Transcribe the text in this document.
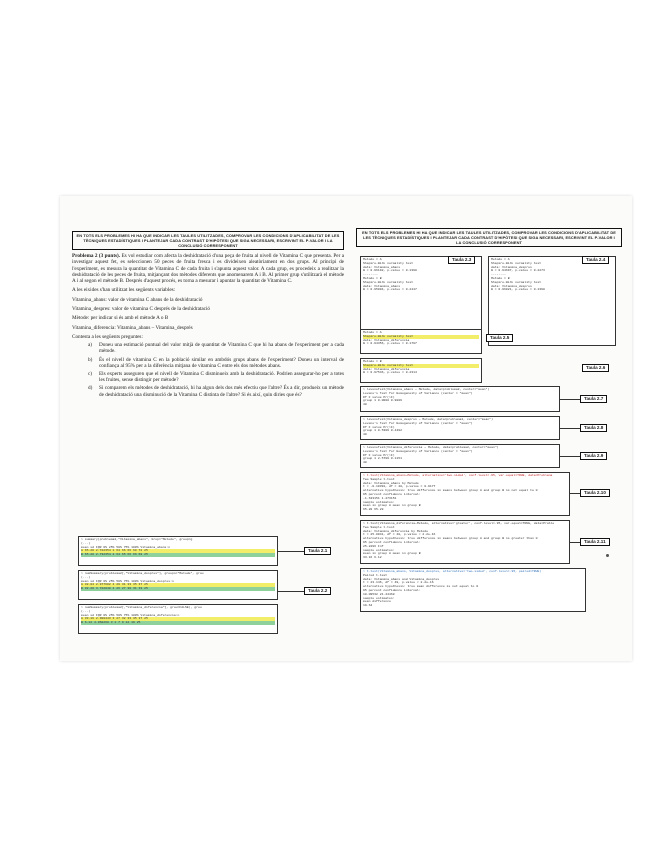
EN TOTS ELS PROBLEMES HI HA QUE INDICAR LES TAULES UTILITZADES, COMPROVAR LES CONDICIONS D'APLICABILITAT DE LES TÈCNIQUES ESTADÍSTIQUES I PLANTEJAR CADA CONTRAST D'HIPÒTESI QUE SIGA NECESSARI, ESCRIVINT EL P-VALOR I LA CONCLUSIÓ CORRESPONENT

Problema 2 (3 punts). Es vol estudiar com afecta la deshidratació d'una peça de fruita al nivell de Vitamina C que presenta. Per a investigar aquest fet, es seleccionen 50 peces de fruita fresca i es divideixen aleatòriament en dos grups. Al principi de l'experiment, es mesura la quantitat de Vitamina C de cada fruita i s'apunta aquest valor. A cada grup, es procedeix a realitzar la deshidratació de les peces de fruita, mitjançant dos mètodes diferents que anomenarem A i B. Al primer grup s'utilitzarà el mètode A i al segon el mètode B. Després d'aquest procés, es torna a mesurar i apuntar la quantitat de Vitamina C.

A les eixides s'han utilitzat les següents variables:

Vitamina_abans: valor de vitamina C abans de la deshidratació

Vitamina_despres: valor de vitamina C després de la deshidratació

Mètode: per indicar si és amb el mètode A o B

Vitamina_diferencia: Vitamina_abans – Vitamina_després

Contesta a les següents preguntes:

a) Doneu una estimació puntual del valor mitjà de quantitat de Vitamina C que hi ha abans de l'experiment per a cada mètode.
b) És el nivell de vitamina C en la població similar en ambdós grups abans de l'experiment? Doneu un interval de confiança al 95% per a la diferència mitjana de vitamina C entre els dos mètodes abans.
c) Els experts asseguren que el nivell de Vitamina C disminueix amb la deshidratació. Podrien assegurar-ho per a totes les fruites, sense distingir per mètode?
d) Si comparem els mètodes de deshidratació, hi ha algun dels dos més efectiu que l'altre? És a dir, produeix un mètode de deshidratació una disminució de la Vitamina C distinta de l'altre? Si és així, quin diries que és?
> summary(problema2,"Vitamina_abans", Grup="Metode", group=g
(...)
mean sd IQR 0% 25% 50% 75% 100% Vitamina_abans:n
A 65.20 2.722354 1 64 66 66 68 72 25
B 65.28 2.732354 2 64 65 66 66 69 25
Taula 2.1
> numSummary(problema2[,"Vitamina_despres"], groups="Metode", grou
(...)
mean sd IQR 0% 25% 50% 75% 100% Vitamina_despres:n
A 32.04 2.977602 4 29 31 33 35 37 25
B 32.20 3.722848 4 26 27 30 31 33 25
> numSummary(problema2[,"Vitamina_diferencia"], grou=FALSE), grou
(...)
mean sd IQR 0% 25% 50% 75% 100% Vitamina_diferencia:n
A 33.16 2.300443 3 27 32 33 35 37 25
B 6.12 4.068268 3 1 7 9 12 19 25
Taula 2.2
EN TOTS ELS PROBLEMES HI HA QUE INDICAR LES TAULES UTILITZADES, COMPROVAR LES CONDICIONS D'APLICABILITAT DE LES TÈCNIQUES ESTADÍSTIQUES I PLANTEJAR CADA CONTRAST D'HIPÒTESI QUE SIGA NECESSARI, ESCRIVINT EL P-VALOR I LA CONCLUSIÓ CORRESPONENT
Metode = A
Shapiro-Wilk normality test
data: Vitamina_abans
W = 0.96192, p-value = 0.1398
--------
Metode = B
Shapiro-Wilk normality test
data: Vitamina_abans
W = 0.95004, p-value = 0.2447
Taula 2.3	Metode = A
Shapiro-Wilk normality test
data: Vitamina_despres
W = 0.94697, p-value = 0.2273
--------
Metode = B
Shapiro-Wilk normality test
data: Vitamina_despres
W = 0.96021, p-value = 0.1398
Taula 2.4
Metode = A
Shapiro-Wilk normality test
data: Vitamina_diferencia
W = 0.94356, p-value = 0.1797
Taula 2.5
Metode = B
Shapiro-Wilk normality test
data: Vitamina_diferencia
W = 0.97546, p-value = 0.2314
Taula 2.6
> leveneTest(Vitamina_abans ~ Metode, data=problema2, center="mean")
Levene's Test for Homogeneity of Variance (center = "mean")
Df F value Pr(>F)
group 1 0.0008 0.9809
48
Taula 2.7
> leveneTest(Vitamina_despres ~ Metode, data=problema2, center="mean")
Levene's Test for Homogeneity of Variance (center = "mean")
Df F value Pr(>F)
group 1 0.5309 0.4492
48
Taula 2.8
> leveneTest(Vitamina_diferencia ~ Metode, data=problema2, center="mean")
Levene's Test for Homogeneity of Variance (center = "mean")
Df F value Pr(>F)
group 1 2.5799 0.1151
48
Taula 2.9
> t.test(Vitamina_abans~Metode, alternative='two.sided', conf.level=.95, var.equal=TRUE, data=Problema
Two Sample t-test
data: Vitamina_abans by Metode
t = -0.10391, df = 48, p-value = 0.9177
alternative hypothesis: true difference in means between group A and group B is not equal to 0
95 percent confidence interval:
-1.633151 1.473151
sample estimates:
mean in group A mean in group B
65.20 65.28
Taula 2.10
> t.test(Vitamina_diferencia~Metode, alternative='greater', conf.level=.95, var.equal=TRUE, data=Proble
Two Sample t-test
data: Vitamina_diferencia by Metode
t = 25.0041, df = 48, p-value < 2.2e-16
alternative hypothesis: true difference in means between group A and group B is greater than 0
95 percent confidence interval:
25.2296 Inf
sample estimates:
mean in group A mean in group B
33.16 6.12
Taula 2.11
> t.test(Vitamina_abans, Vitamina_despres, alternative='two.sided', conf.level=.95, paired=TRUE)
Paired t-test
data: Vitamina_abans and Vitamina_despres
t = 23.146, df = 49, p-value < 2.2e-16
alternative hypothesis: true mean difference is not equal to 0
95 percent confidence interval:
18.09532 21.44468
sample estimates:
mean difference
19.64
